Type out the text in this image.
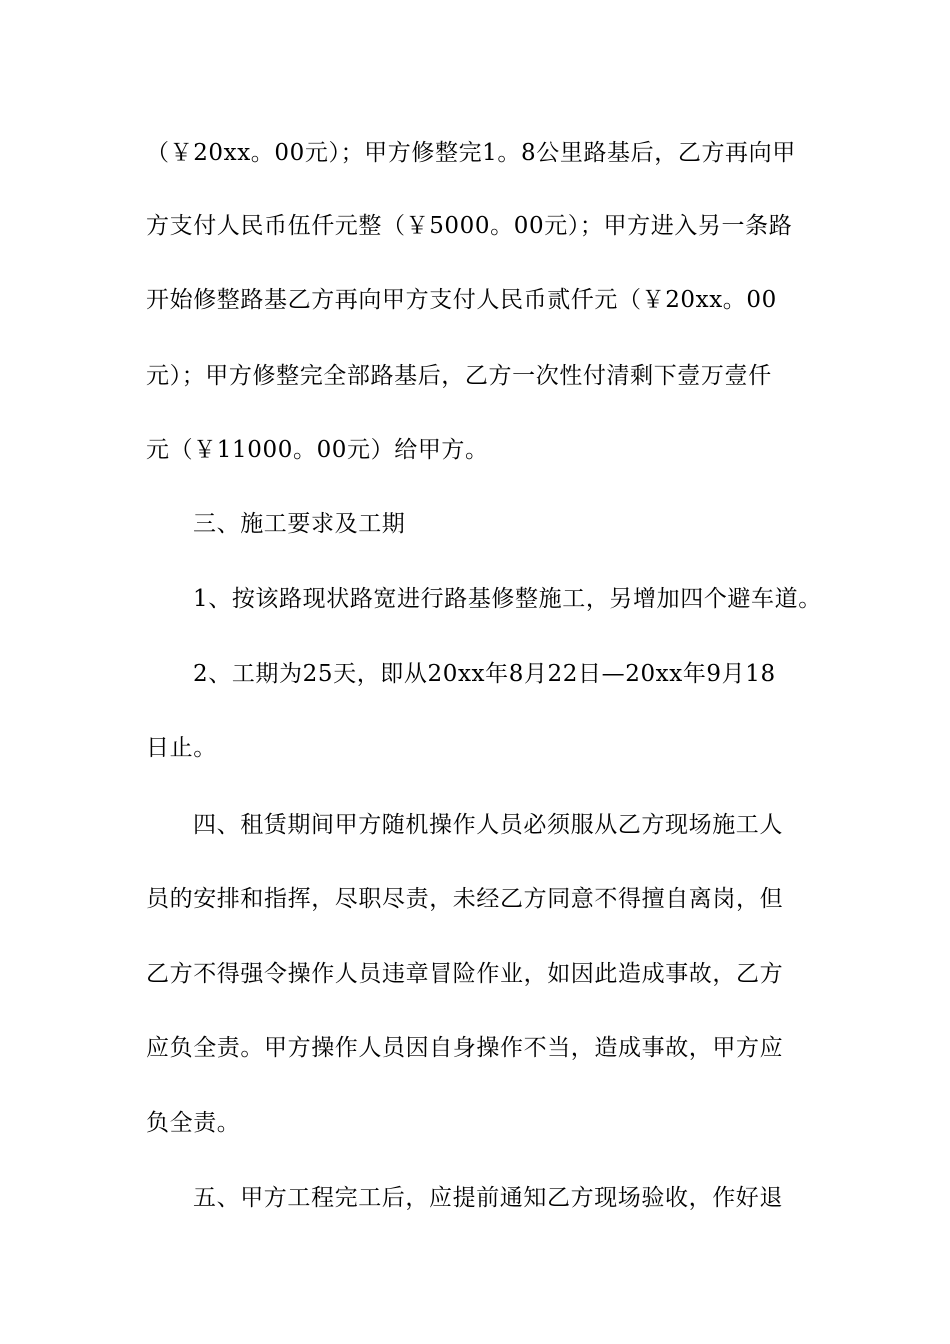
（￥20xx。00元）；甲方修整完1。8公里路基后，乙方再向甲
方支付人民币伍仟元整（￥5000。00元）；甲方进入另一条路
开始修整路基乙方再向甲方支付人民币贰仟元（￥20xx。00
元）；甲方修整完全部路基后，乙方一次性付清剩下壹万壹仟
元（￥11000。00元）给甲方。
三、施工要求及工期
1、按该路现状路宽进行路基修整施工，另增加四个避车道。
2、工期为25天，即从20xx年8月22日—20xx年9月18
日止。
四、租赁期间甲方随机操作人员必须服从乙方现场施工人
员的安排和指挥，尽职尽责，未经乙方同意不得擅自离岗，但
乙方不得强令操作人员违章冒险作业，如因此造成事故，乙方
应负全责。甲方操作人员因自身操作不当，造成事故，甲方应
负全责。
五、甲方工程完工后，应提前通知乙方现场验收，作好退
